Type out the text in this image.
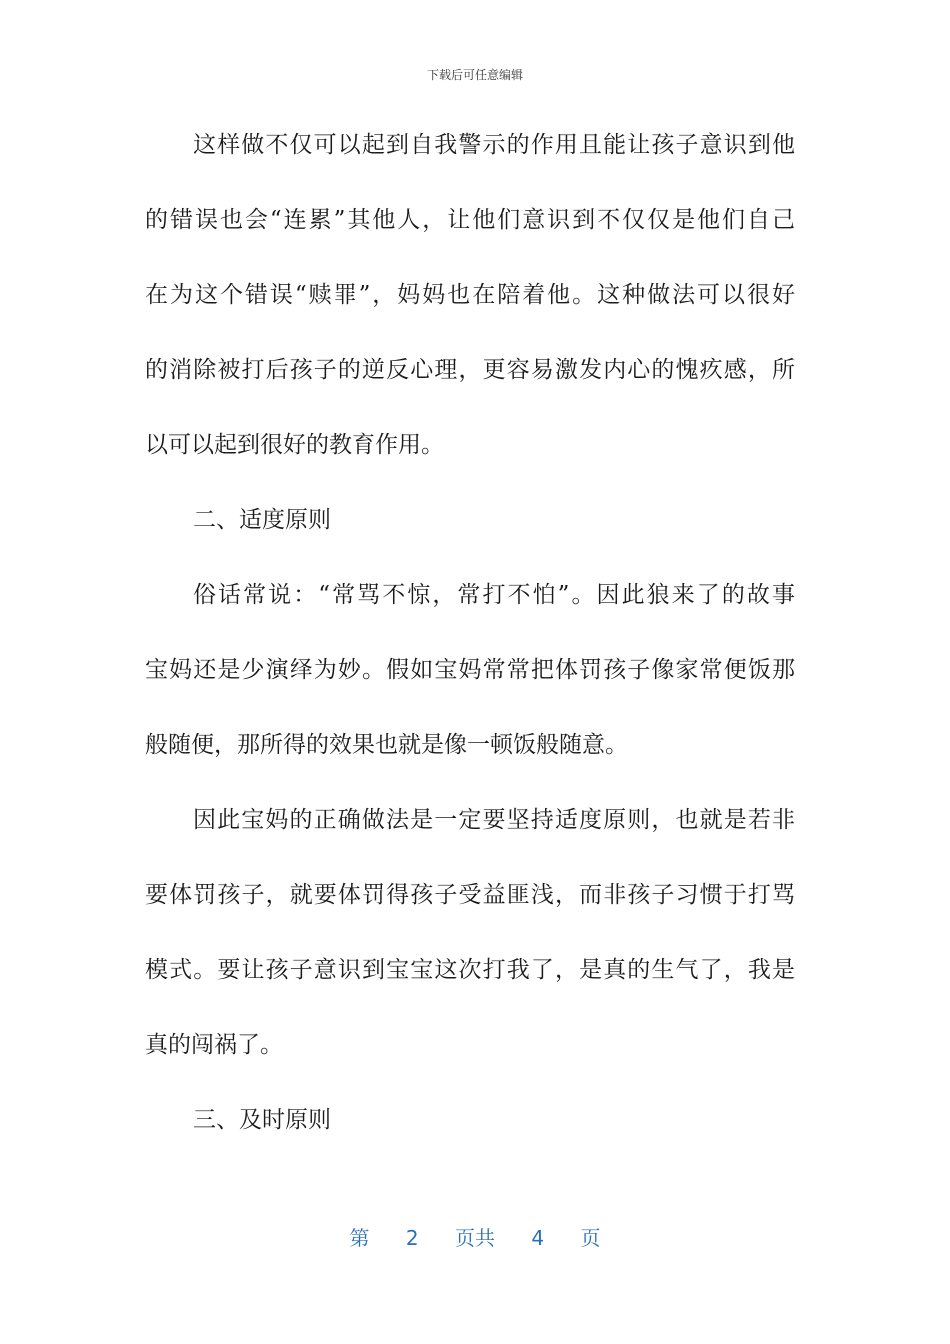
下载后可任意编辑
这样做不仅可以起到自我警示的作用且能让孩子意识到他
的错误也会“连累”其他人，让他们意识到不仅仅是他们自己
在为这个错误“赎罪”，妈妈也在陪着他。这种做法可以很好
的消除被打后孩子的逆反心理，更容易激发内心的愧疚感，所
以可以起到很好的教育作用。
二、适度原则
俗话常说：“常骂不惊，常打不怕”。因此狼来了的故事
宝妈还是少演绎为妙。假如宝妈常常把体罚孩子像家常便饭那
般随便，那所得的效果也就是像一顿饭般随意。
因此宝妈的正确做法是一定要坚持适度原则，也就是若非
要体罚孩子，就要体罚得孩子受益匪浅，而非孩子习惯于打骂
模式。要让孩子意识到宝宝这次打我了，是真的生气了，我是
真的闯祸了。
三、及时原则
第 2 页共 4 页
